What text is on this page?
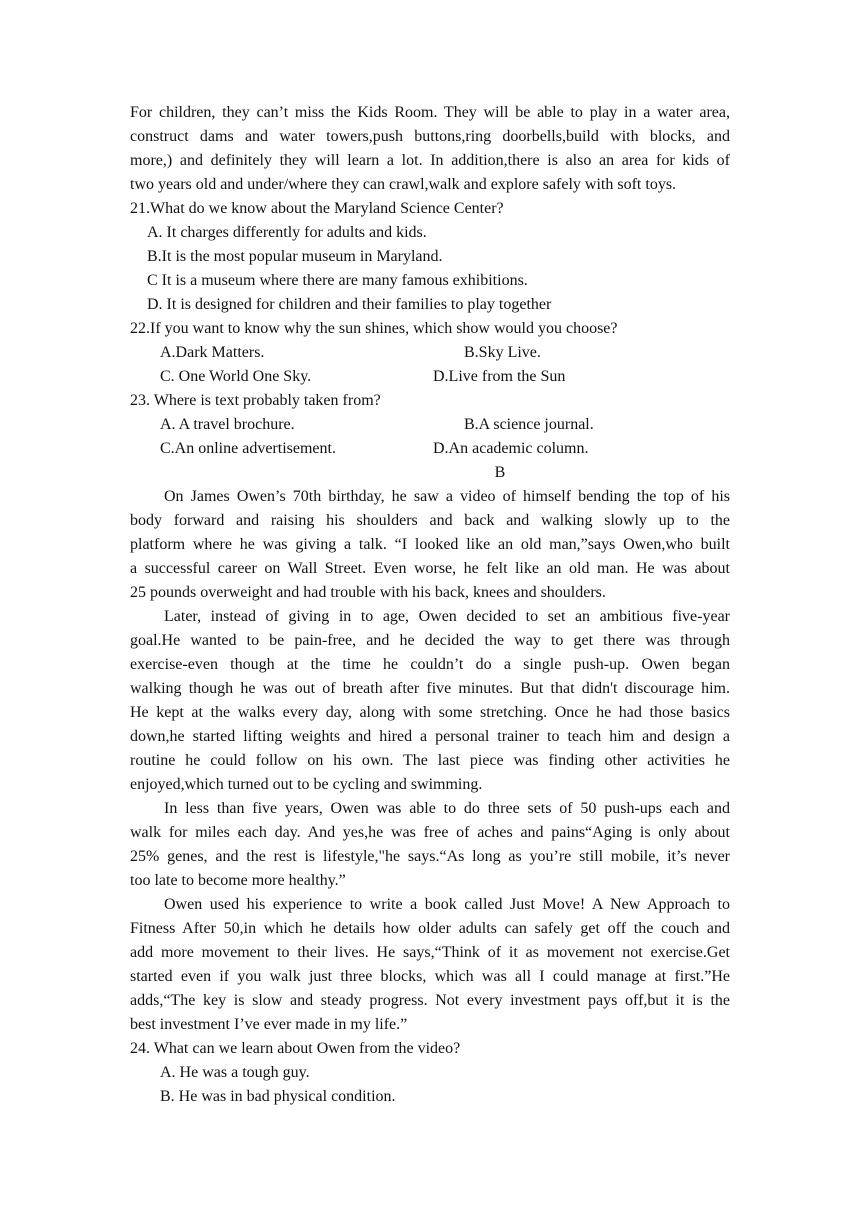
For children, they can’t miss the Kids Room. They will be able to play in a water area,
construct dams and water towers,push buttons,ring doorbells,build with blocks, and
more,) and definitely they will learn a lot. In addition,there is also an area for kids of
two years old and under/where they can crawl,walk and explore safely with soft toys.
21.What do we know about the Maryland Science Center?
A. It charges differently for adults and kids.
B.It is the most popular museum in Maryland.
C It is a museum where there are many famous exhibitions.
D. It is designed for children and their families to play together
22.If you want to know why the sun shines, which show would you choose?
A.Dark Matters.	B.Sky Live.
C. One World One Sky.	D.Live from the Sun
23. Where is text probably taken from?
A. A travel brochure.	B.A science journal.
C.An online advertisement.	D.An academic column.
B
On James Owen’s 70th birthday, he saw a video of himself bending the top of his
body forward and raising his shoulders and back and walking slowly up to the
platform where he was giving a talk. “I looked like an old man,”says Owen,who built
a successful career on Wall Street. Even worse, he felt like an old man. He was about
25 pounds overweight and had trouble with his back, knees and shoulders.
Later, instead of giving in to age, Owen decided to set an ambitious five-year
goal.He wanted to be pain-free, and he decided the way to get there was through
exercise-even though at the time he couldn’t do a single push-up. Owen began
walking though he was out of breath after five minutes. But that didn't discourage him.
He kept at the walks every day, along with some stretching. Once he had those basics
down,he started lifting weights and hired a personal trainer to teach him and design a
routine he could follow on his own. The last piece was finding other activities he
enjoyed,which turned out to be cycling and swimming.
In less than five years, Owen was able to do three sets of 50 push-ups each and
walk for miles each day. And yes,he was free of aches and pains“Aging is only about
25% genes, and the rest is lifestyle,"he says.“As long as you’re still mobile, it’s never
too late to become more healthy.”
Owen used his experience to write a book called Just Move! A New Approach to
Fitness After 50,in which he details how older adults can safely get off the couch and
add more movement to their lives. He says,“Think of it as movement not exercise.Get
started even if you walk just three blocks, which was all I could manage at first.”He
adds,“The key is slow and steady progress. Not every investment pays off,but it is the
best investment I’ve ever made in my life.”
24. What can we learn about Owen from the video?
A. He was a tough guy.
B. He was in bad physical condition.
